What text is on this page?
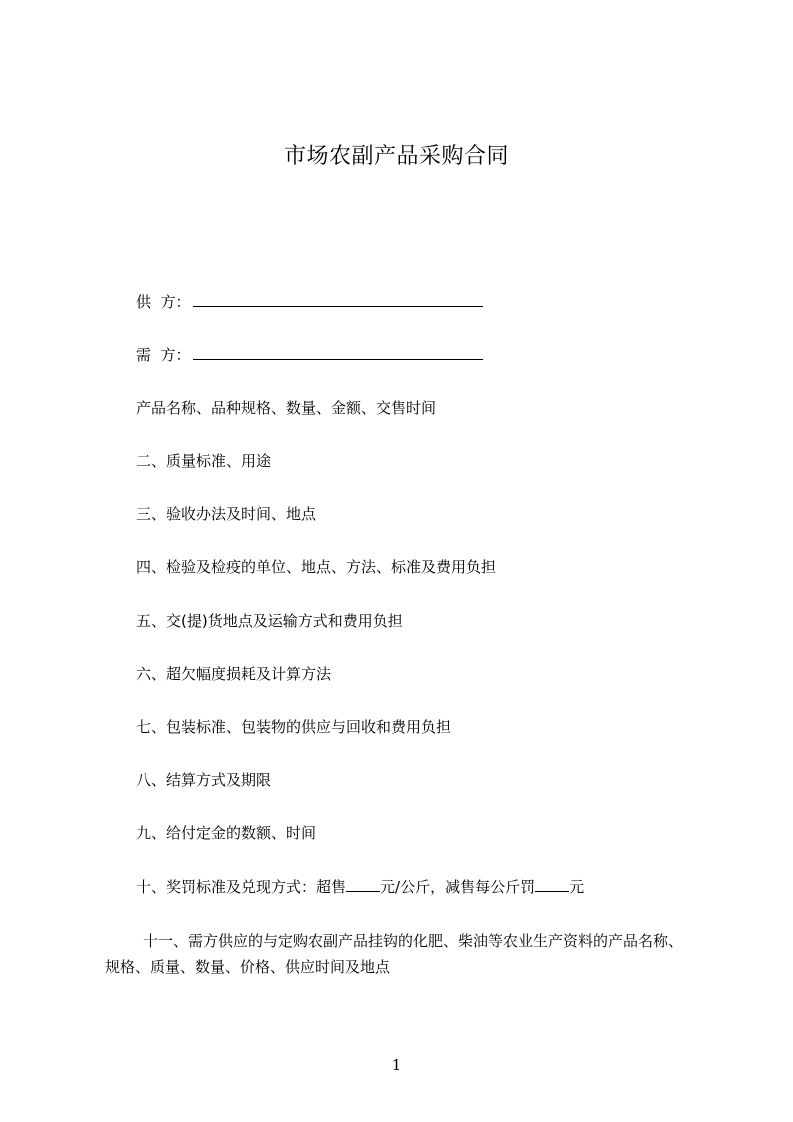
市场农副产品采购合同
供  方：
需  方：
产品名称、品种规格、数量、金额、交售时间
二、质量标准、用途
三、验收办法及时间、地点
四、检验及检疫的单位、地点、方法、标准及费用负担
五、交(提)货地点及运输方式和费用负担
六、超欠幅度损耗及计算方法
七、包装标准、包装物的供应与回收和费用负担
八、结算方式及期限
九、给付定金的数额、时间
十、奖罚标准及兑现方式：超售 元/公斤，减售每公斤罚 元
十一、需方供应的与定购农副产品挂钩的化肥、柴油等农业生产资料的产品名称、
规格、质量、数量、价格、供应时间及地点
1
